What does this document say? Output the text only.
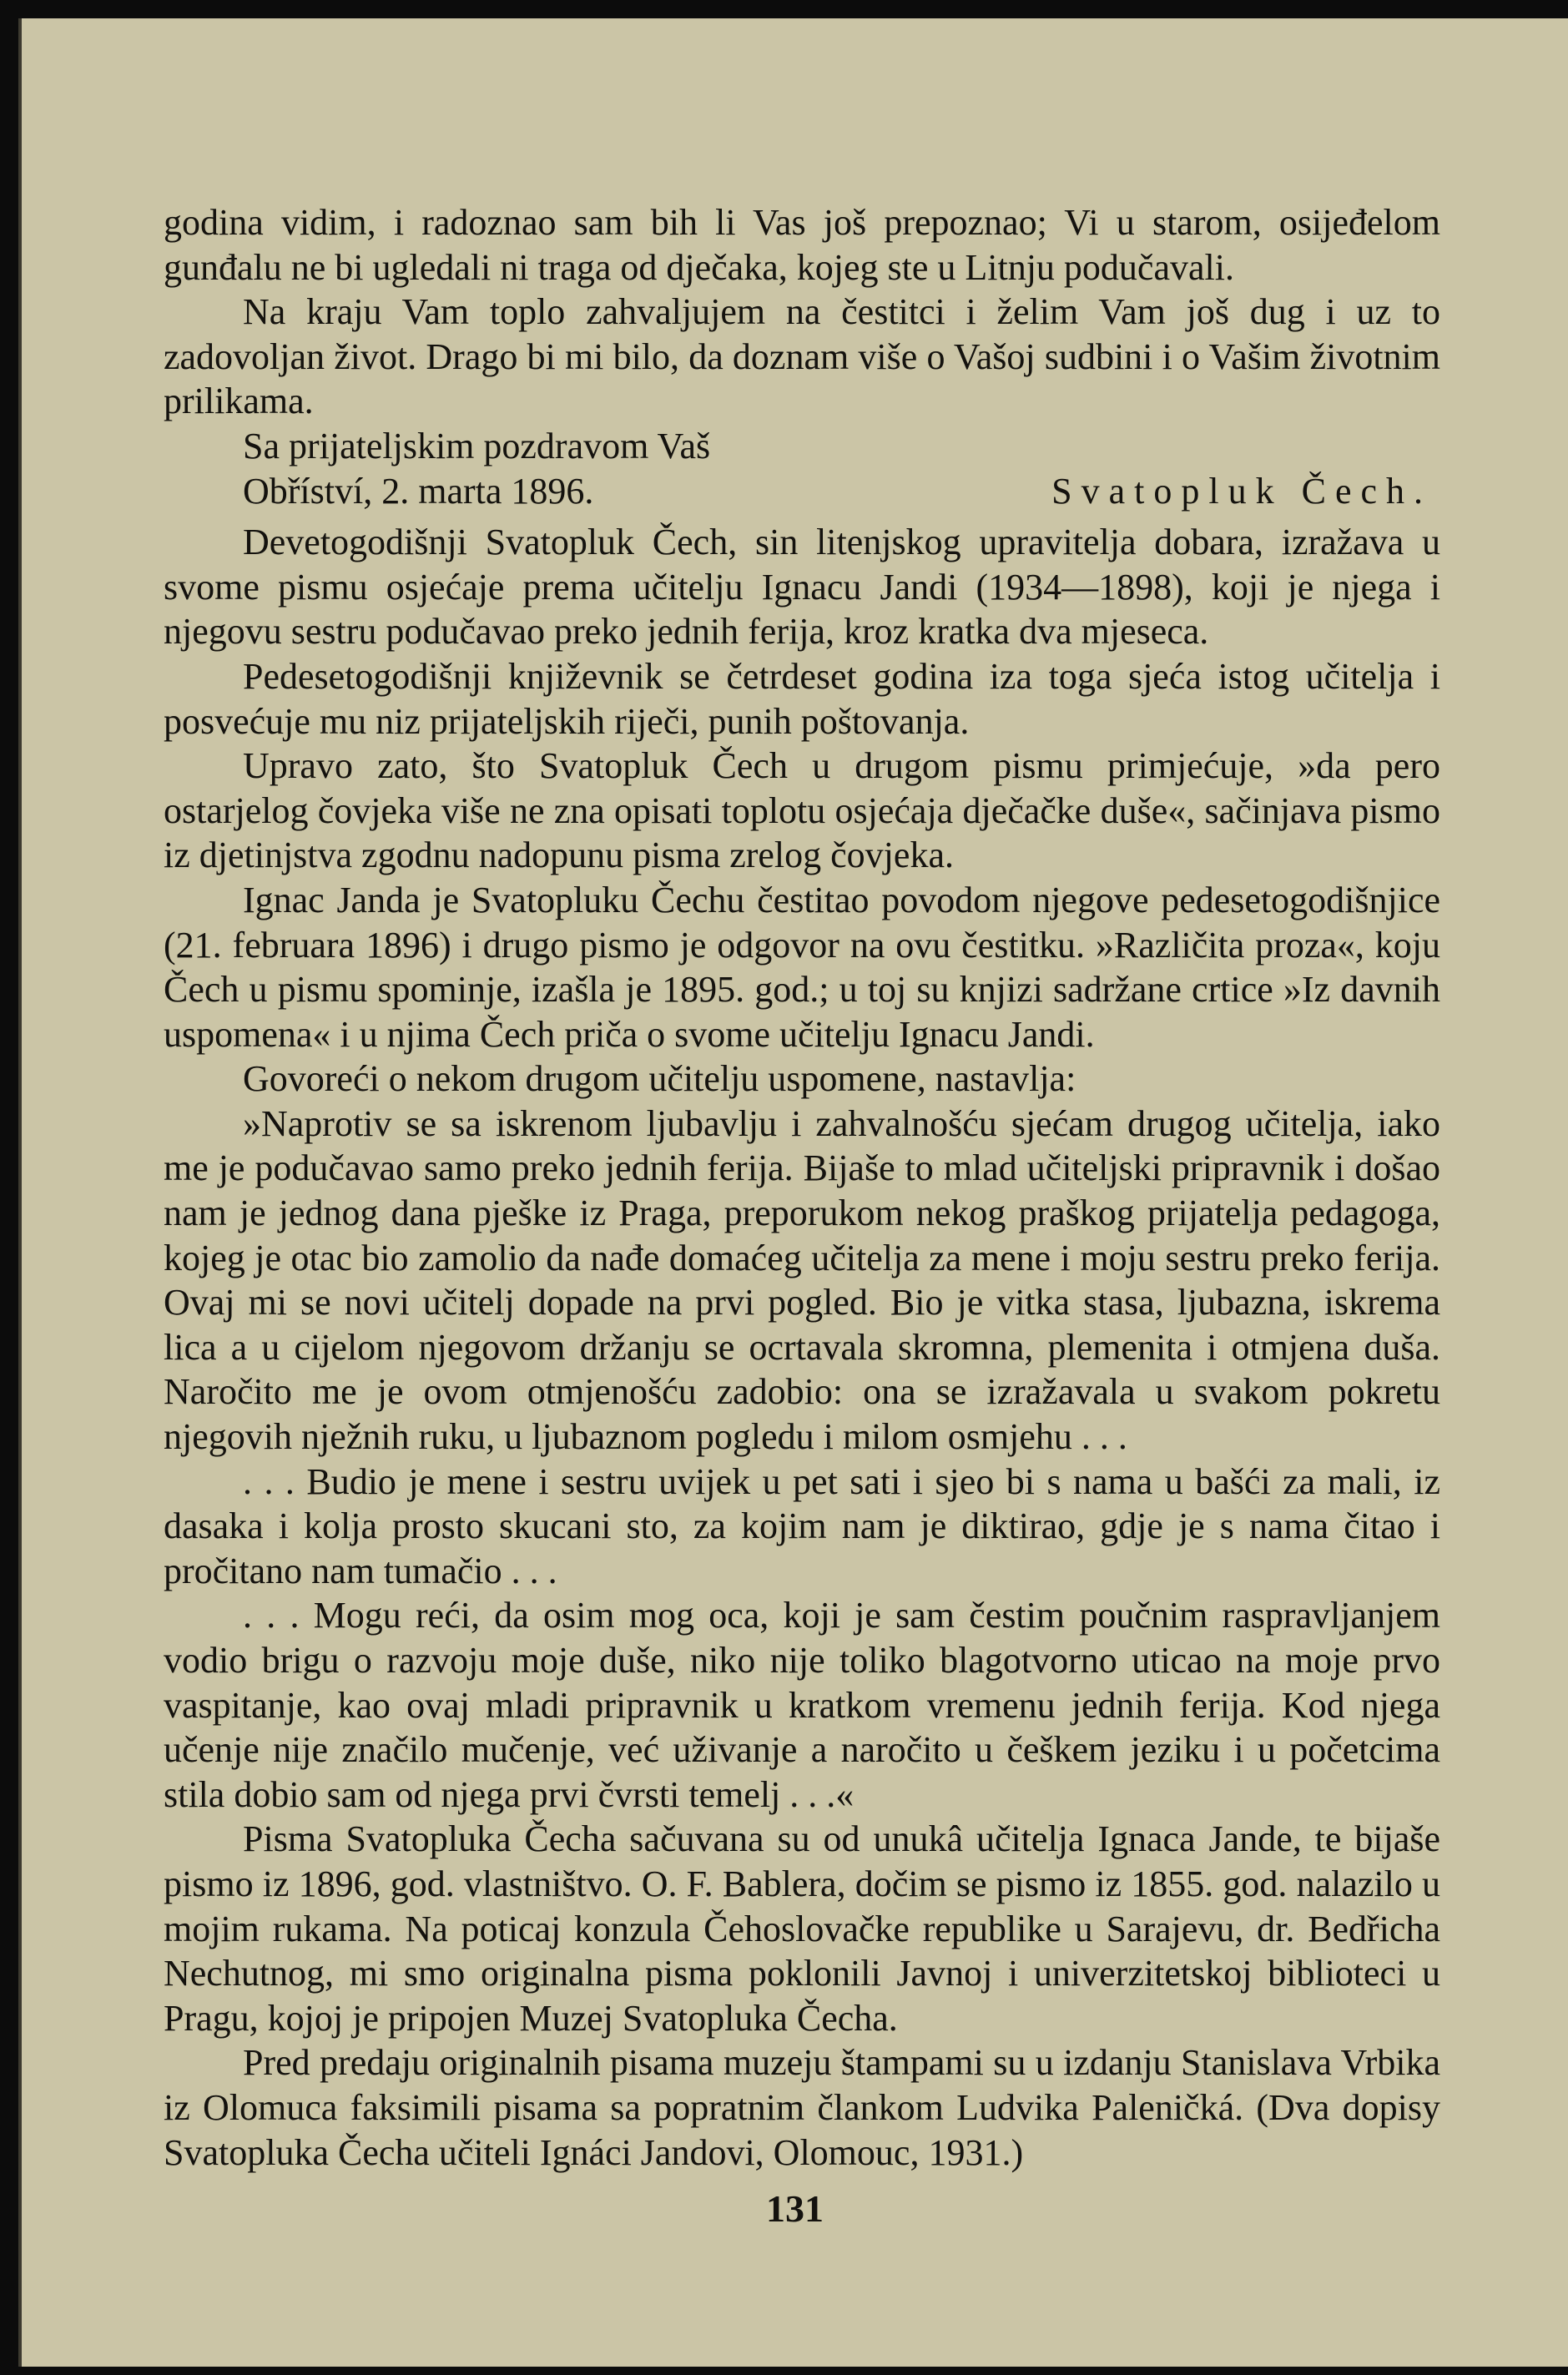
godina vidim, i radoznao sam bih li Vas još prepoznao; Vi u starom, osijeđelom gunđalu ne bi ugledali ni traga od dječaka, kojeg ste u Litnju podučavali.

Na kraju Vam toplo zahvaljujem na čestitci i želim Vam još dug i uz to zadovoljan život. Drago bi mi bilo, da doznam više o Vašoj sudbini i o Vašim životnim prilikama.

Sa prijateljskim pozdravom Vaš

Obříství, 2. marta 1896.	Svatopluk Čech.

Devetogodišnji Svatopluk Čech, sin litenjskog upravitelja dobara, izražava u svome pismu osjećaje prema učitelju Ignacu Jandi (1934—1898), koji je njega i njegovu sestru podučavao preko jednih ferija, kroz kratka dva mjeseca.

Pedesetogodišnji književnik se četrdeset godina iza toga sjeća istog učitelja i posvećuje mu niz prijateljskih riječi, punih poštovanja.

Upravo zato, što Svatopluk Čech u drugom pismu primjećuje, »da pero ostarjelog čovjeka više ne zna opisati toplotu osjećaja dječačke duše«, sačinjava pismo iz djetinjstva zgodnu nadopunu pisma zrelog čovjeka.

Ignac Janda je Svatopluku Čechu čestitao povodom njegove pedesetogodišnjice (21. februara 1896) i drugo pismo je odgovor na ovu čestitku. »Različita proza«, koju Čech u pismu spominje, izašla je 1895. god.; u toj su knjizi sadržane crtice »Iz davnih uspomena« i u njima Čech priča o svome učitelju Ignacu Jandi.

Govoreći o nekom drugom učitelju uspomene, nastavlja:

»Naprotiv se sa iskrenom ljubavlju i zahvalnošću sjećam drugog učitelja, iako me je podučavao samo preko jednih ferija. Bijaše to mlad učiteljski pripravnik i došao nam je jednog dana pješke iz Praga, preporukom nekog praškog prijatelja pedagoga, kojeg je otac bio zamolio da nađe domaćeg učitelja za mene i moju sestru preko ferija. Ovaj mi se novi učitelj dopade na prvi pogled. Bio je vitka stasa, ljubazna, iskrema lica a u cijelom njegovom držanju se ocrtavala skromna, plemenita i otmjena duša. Naročito me je ovom otmjenošću zadobio: ona se izražavala u svakom pokretu njegovih nježnih ruku, u ljubaznom pogledu i milom osmjehu . . .

. . . Budio je mene i sestru uvijek u pet sati i sjeo bi s nama u bašći za mali, iz dasaka i kolja prosto skucani sto, za kojim nam je diktirao, gdje je s nama čitao i pročitano nam tumačio . . .

. . . Mogu reći, da osim mog oca, koji je sam čestim poučnim raspravljanjem vodio brigu o razvoju moje duše, niko nije toliko blagotvorno uticao na moje prvo vaspitanje, kao ovaj mladi pripravnik u kratkom vremenu jednih ferija. Kod njega učenje nije značilo mučenje, već uživanje a naročito u češkem jeziku i u početcima stila dobio sam od njega prvi čvrsti temelj . . .«

Pisma Svatopluka Čecha sačuvana su od unukâ učitelja Ignaca Jande, te bijaše pismo iz 1896, god. vlastništvo. O. F. Bablera, dočim se pismo iz 1855. god. nalazilo u mojim rukama. Na poticaj konzula Čehoslovačke republike u Sarajevu, dr. Bedřicha Nechutnog, mi smo originalna pisma poklonili Javnoj i univerzitetskoj biblioteci u Pragu, kojoj je pripojen Muzej Svatopluka Čecha.

Pred predaju originalnih pisama muzeju štampami su u izdanju Stanislava Vrbika iz Olomuca faksimili pisama sa popratnim člankom Ludvika Paleničká. (Dva dopisy Svatopluka Čecha učiteli Ignáci Jandovi, Olomouc, 1931.)

131
